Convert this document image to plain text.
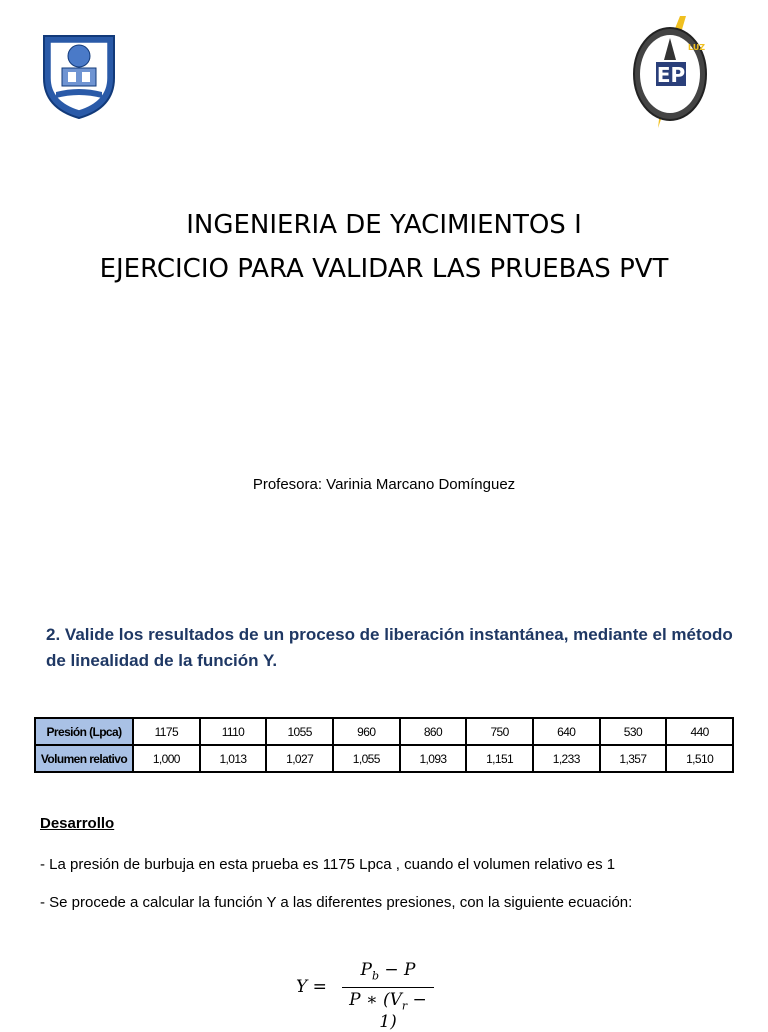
EP
LUZ
INGENIERIA DE YACIMIENTOS I
EJERCICIO PARA VALIDAR LAS PRUEBAS PVT
Profesora: Varinia Marcano Domínguez
2. Valide los resultados de un proceso de liberación instantánea, mediante el método de linealidad de la función Y.
Presión (Lpca)	1175	1110	1055	960	860	750	640	530	440
Volumen relativo	1,000	1,013	1,027	1,055	1,093	1,151	1,233	1,357	1,510
Desarrollo
- La presión de burbuja en esta prueba es 1175 Lpca , cuando el volumen relativo es 1
- Se procede a calcular la función Y a las diferentes presiones, con la siguiente ecuación:
Y =
$P_b - P$
P ∗ $(V_r - 1)$
